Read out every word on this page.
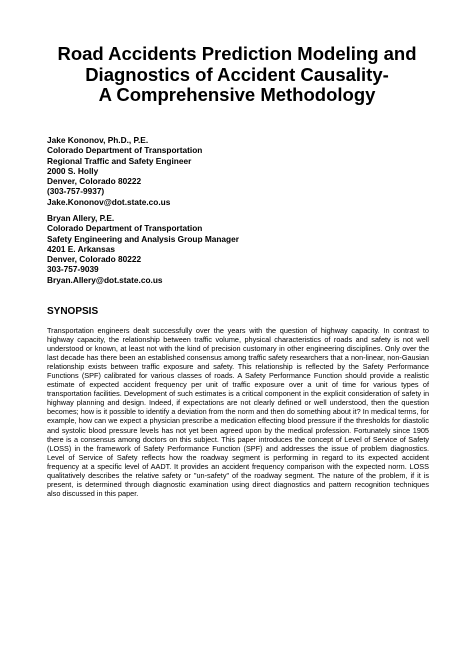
Road Accidents Prediction Modeling and
Diagnostics of Accident Causality-
A Comprehensive Methodology
Jake Kononov, Ph.D., P.E.
Colorado Department of Transportation
Regional Traffic and Safety Engineer
2000 S. Holly
Denver, Colorado 80222
(303-757-9937)
Jake.Kononov@dot.state.co.us
Bryan Allery, P.E.
Colorado Department of Transportation
Safety Engineering and Analysis Group Manager
4201 E. Arkansas
Denver, Colorado 80222
303-757-9039
Bryan.Allery@dot.state.co.us
SYNOPSIS

Transportation engineers dealt successfully over the years with the question of highway capacity. In contrast to highway capacity, the relationship between traffic volume, physical characteristics of roads and safety is not well understood or known, at least not with the kind of precision customary in other engineering disciplines. Only over the last decade has there been an established consensus among traffic safety researchers that a non-linear, non-Gausian relationship exists between traffic exposure and safety. This relationship is reflected by the Safety Performance Functions (SPF) calibrated for various classes of roads. A Safety Performance Function should provide a realistic estimate of expected accident frequency per unit of traffic exposure over a unit of time for various types of transportation facilities. Development of such estimates is a critical component in the explicit consideration of safety in highway planning and design. Indeed, if expectations are not clearly defined or well understood, then the question becomes; how is it possible to identify a deviation from the norm and then do something about it? In medical terms, for example, how can we expect a physician prescribe a medication effecting blood pressure if the thresholds for diastolic and systolic blood pressure levels has not yet been agreed upon by the medical profession. Fortunately since 1905 there is a consensus among doctors on this subject. This paper introduces the concept of Level of Service of Safety (LOSS) in the framework of Safety Performance Function (SPF) and addresses the issue of problem diagnostics. Level of Service of Safety reflects how the roadway segment is performing in regard to its expected accident frequency at a specific level of AADT. It provides an accident frequency comparison with the expected norm. LOSS qualitatively describes the relative safety or "un-safety" of the roadway segment. The nature of the problem, if it is present, is determined through diagnostic examination using direct diagnostics and pattern recognition techniques also discussed in this paper.
